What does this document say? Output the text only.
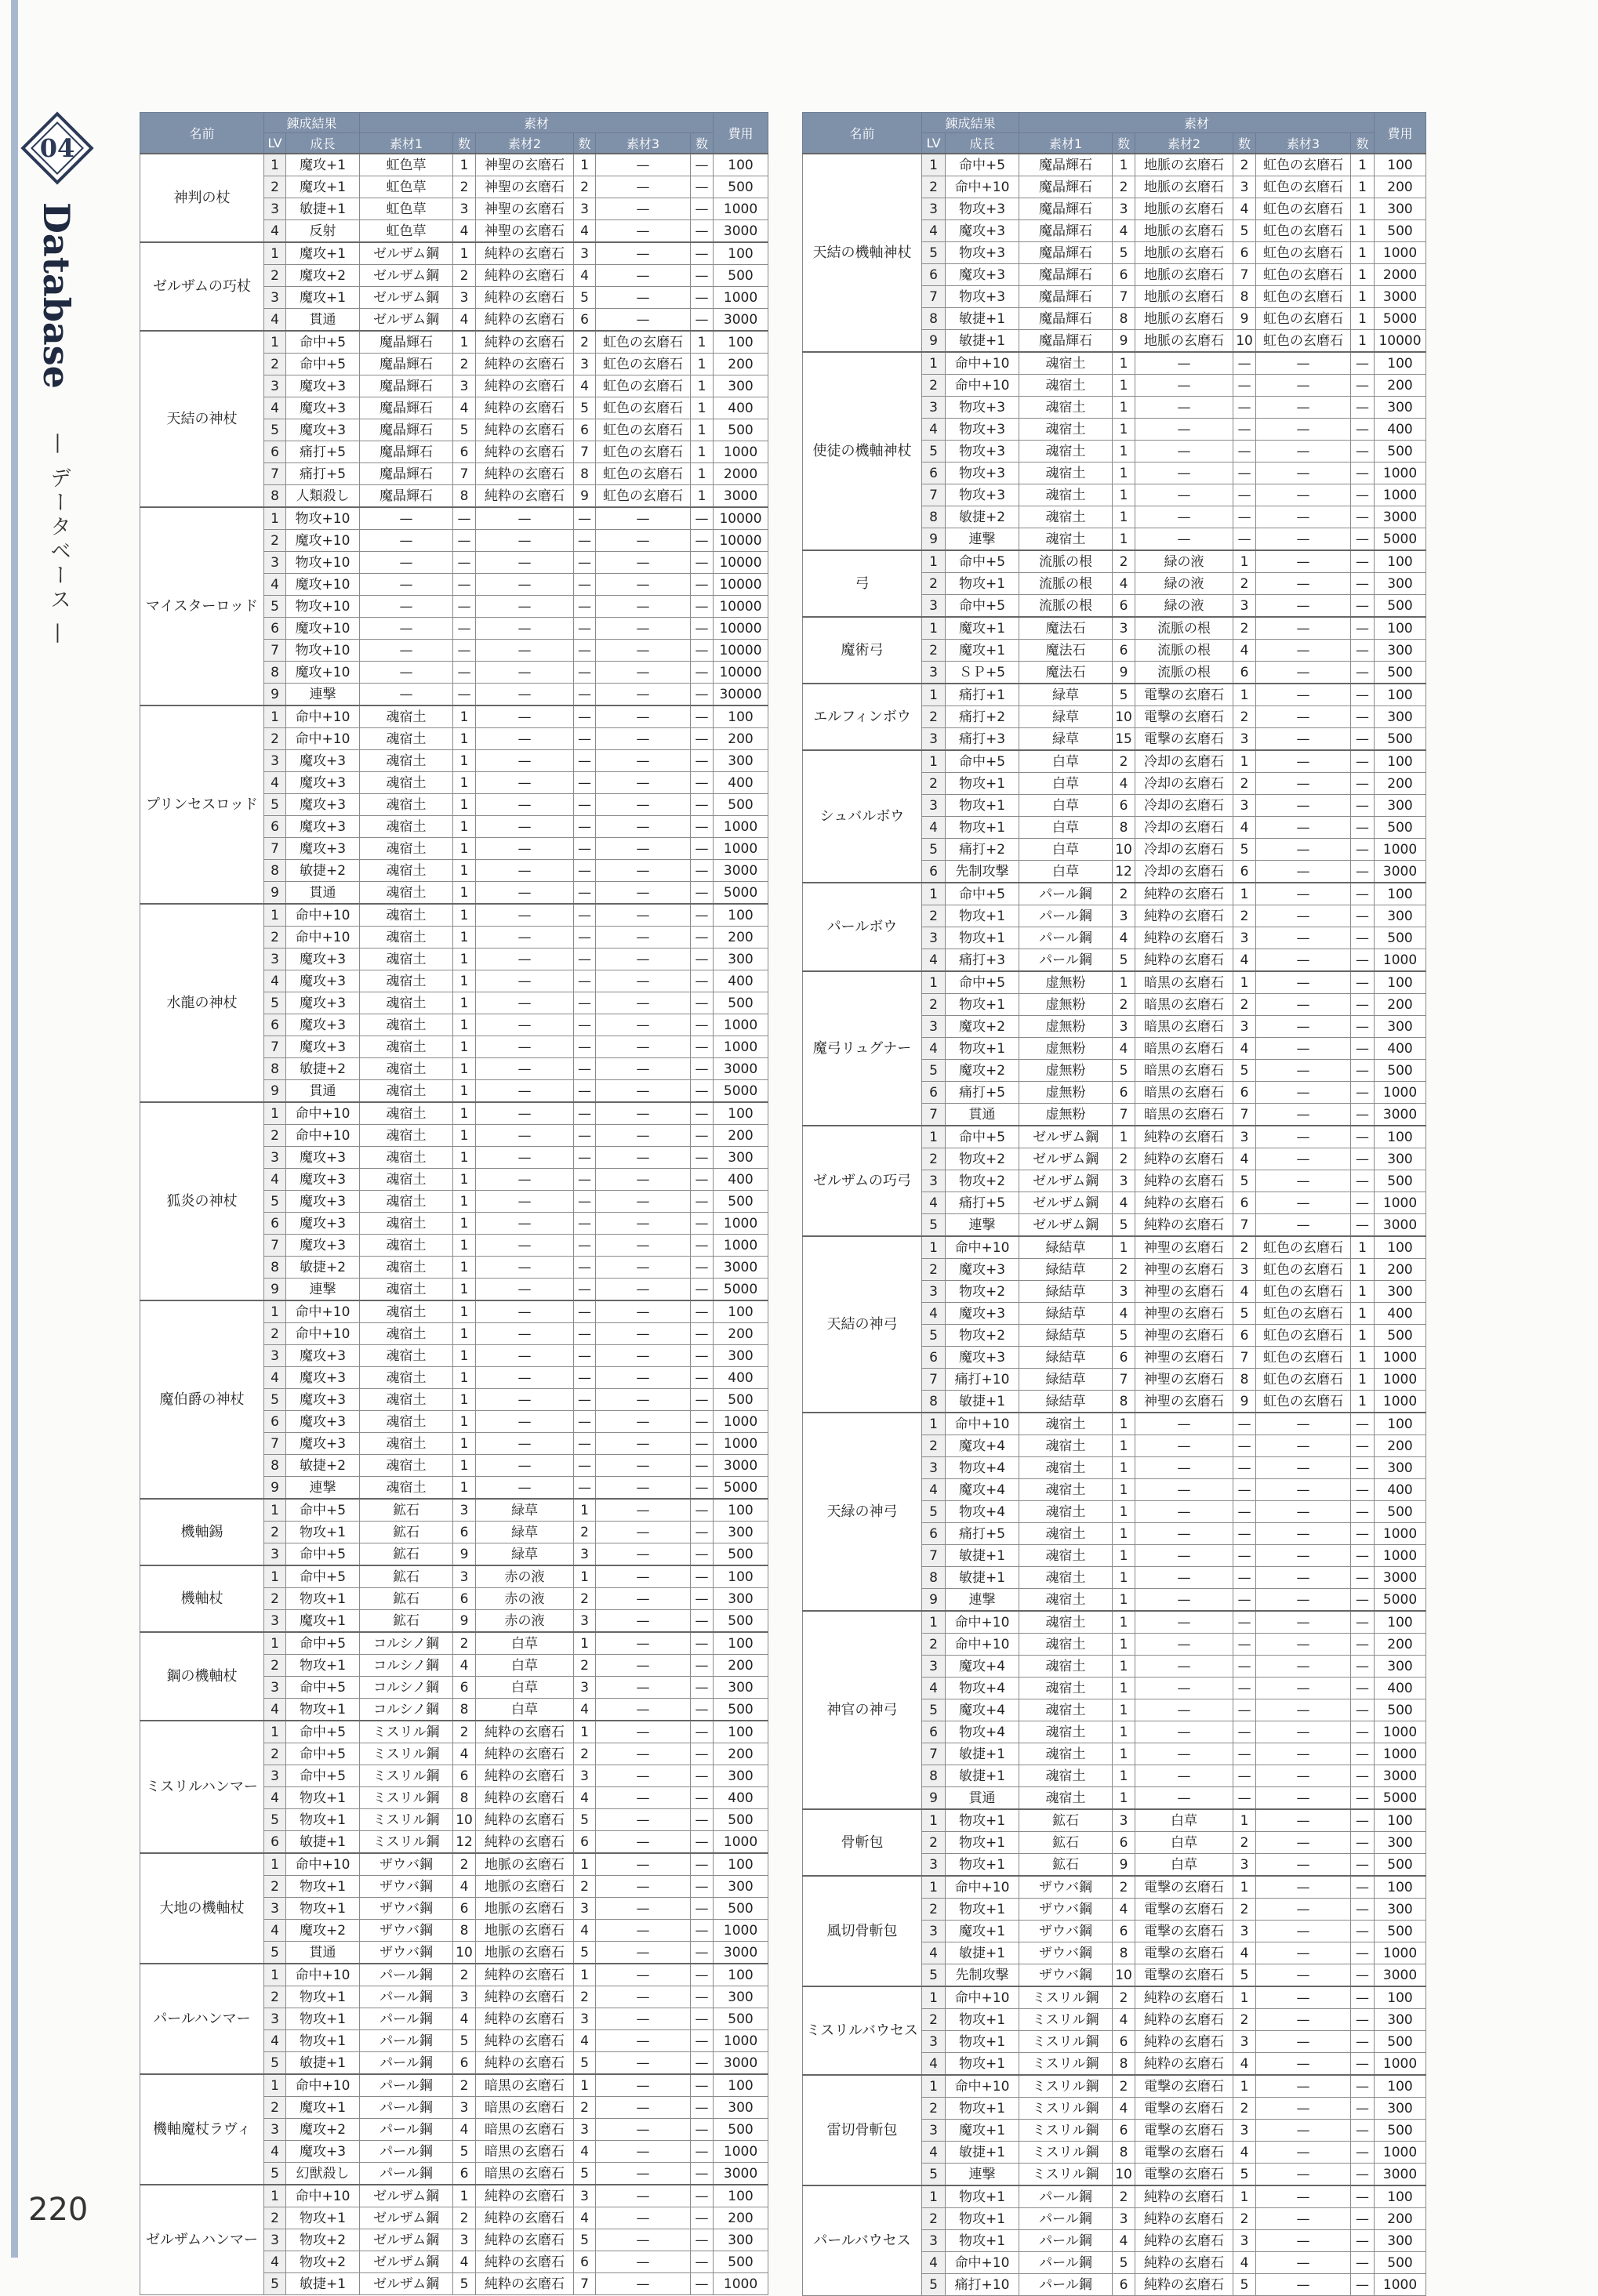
04
Database
— データベース —
名前	錬成結果		素材						費用
	LV	成長	素材1	数	素材2	数	素材3	数	
神判の杖	1	魔攻+1	虹色草	1	神聖の玄磨石	1	—	—	100
	2	魔攻+1	虹色草	2	神聖の玄磨石	2	—	—	500
	3	敏捷+1	虹色草	3	神聖の玄磨石	3	—	—	1000
	4	反射	虹色草	4	神聖の玄磨石	4	—	—	3000
ゼルザムの巧杖	1	魔攻+1	ゼルザム鋼	1	純粋の玄磨石	3	—	—	100
	2	魔攻+2	ゼルザム鋼	2	純粋の玄磨石	4	—	—	500
	3	魔攻+1	ゼルザム鋼	3	純粋の玄磨石	5	—	—	1000
	4	貫通	ゼルザム鋼	4	純粋の玄磨石	6	—	—	3000
天結の神杖	1	命中+5	魔晶輝石	1	純粋の玄磨石	2	虹色の玄磨石	1	100
	2	命中+5	魔晶輝石	2	純粋の玄磨石	3	虹色の玄磨石	1	200
	3	魔攻+3	魔晶輝石	3	純粋の玄磨石	4	虹色の玄磨石	1	300
	4	魔攻+3	魔晶輝石	4	純粋の玄磨石	5	虹色の玄磨石	1	400
	5	魔攻+3	魔晶輝石	5	純粋の玄磨石	6	虹色の玄磨石	1	500
	6	痛打+5	魔晶輝石	6	純粋の玄磨石	7	虹色の玄磨石	1	1000
	7	痛打+5	魔晶輝石	7	純粋の玄磨石	8	虹色の玄磨石	1	2000
	8	人類殺し	魔晶輝石	8	純粋の玄磨石	9	虹色の玄磨石	1	3000
マイスターロッド	1	物攻+10	—	—	—	—	—	—	10000
	2	魔攻+10	—	—	—	—	—	—	10000
	3	物攻+10	—	—	—	—	—	—	10000
	4	魔攻+10	—	—	—	—	—	—	10000
	5	物攻+10	—	—	—	—	—	—	10000
	6	魔攻+10	—	—	—	—	—	—	10000
	7	物攻+10	—	—	—	—	—	—	10000
	8	魔攻+10	—	—	—	—	—	—	10000
	9	連撃	—	—	—	—	—	—	30000
プリンセスロッド	1	命中+10	魂宿土	1	—	—	—	—	100
	2	命中+10	魂宿土	1	—	—	—	—	200
	3	魔攻+3	魂宿土	1	—	—	—	—	300
	4	魔攻+3	魂宿土	1	—	—	—	—	400
	5	魔攻+3	魂宿土	1	—	—	—	—	500
	6	魔攻+3	魂宿土	1	—	—	—	—	1000
	7	魔攻+3	魂宿土	1	—	—	—	—	1000
	8	敏捷+2	魂宿土	1	—	—	—	—	3000
	9	貫通	魂宿土	1	—	—	—	—	5000
水龍の神杖	1	命中+10	魂宿土	1	—	—	—	—	100
	2	命中+10	魂宿土	1	—	—	—	—	200
	3	魔攻+3	魂宿土	1	—	—	—	—	300
	4	魔攻+3	魂宿土	1	—	—	—	—	400
	5	魔攻+3	魂宿土	1	—	—	—	—	500
	6	魔攻+3	魂宿土	1	—	—	—	—	1000
	7	魔攻+3	魂宿土	1	—	—	—	—	1000
	8	敏捷+2	魂宿土	1	—	—	—	—	3000
	9	貫通	魂宿土	1	—	—	—	—	5000
狐炎の神杖	1	命中+10	魂宿土	1	—	—	—	—	100
	2	命中+10	魂宿土	1	—	—	—	—	200
	3	魔攻+3	魂宿土	1	—	—	—	—	300
	4	魔攻+3	魂宿土	1	—	—	—	—	400
	5	魔攻+3	魂宿土	1	—	—	—	—	500
	6	魔攻+3	魂宿土	1	—	—	—	—	1000
	7	魔攻+3	魂宿土	1	—	—	—	—	1000
	8	敏捷+2	魂宿土	1	—	—	—	—	3000
	9	連撃	魂宿土	1	—	—	—	—	5000
魔伯爵の神杖	1	命中+10	魂宿土	1	—	—	—	—	100
	2	命中+10	魂宿土	1	—	—	—	—	200
	3	魔攻+3	魂宿土	1	—	—	—	—	300
	4	魔攻+3	魂宿土	1	—	—	—	—	400
	5	魔攻+3	魂宿土	1	—	—	—	—	500
	6	魔攻+3	魂宿土	1	—	—	—	—	1000
	7	魔攻+3	魂宿土	1	—	—	—	—	1000
	8	敏捷+2	魂宿土	1	—	—	—	—	3000
	9	連撃	魂宿土	1	—	—	—	—	5000
機軸錫	1	命中+5	鉱石	3	緑草	1	—	—	100
	2	物攻+1	鉱石	6	緑草	2	—	—	300
	3	命中+5	鉱石	9	緑草	3	—	—	500
機軸杖	1	命中+5	鉱石	3	赤の液	1	—	—	100
	2	物攻+1	鉱石	6	赤の液	2	—	—	300
	3	魔攻+1	鉱石	9	赤の液	3	—	—	500
鋼の機軸杖	1	命中+5	コルシノ鋼	2	白草	1	—	—	100
	2	物攻+1	コルシノ鋼	4	白草	2	—	—	200
	3	命中+5	コルシノ鋼	6	白草	3	—	—	300
	4	物攻+1	コルシノ鋼	8	白草	4	—	—	500
ミスリルハンマー	1	命中+5	ミスリル鋼	2	純粋の玄磨石	1	—	—	100
	2	命中+5	ミスリル鋼	4	純粋の玄磨石	2	—	—	200
	3	命中+5	ミスリル鋼	6	純粋の玄磨石	3	—	—	300
	4	物攻+1	ミスリル鋼	8	純粋の玄磨石	4	—	—	400
	5	物攻+1	ミスリル鋼	10	純粋の玄磨石	5	—	—	500
	6	敏捷+1	ミスリル鋼	12	純粋の玄磨石	6	—	—	1000
大地の機軸杖	1	命中+10	ザウバ鋼	2	地脈の玄磨石	1	—	—	100
	2	物攻+1	ザウバ鋼	4	地脈の玄磨石	2	—	—	300
	3	物攻+1	ザウバ鋼	6	地脈の玄磨石	3	—	—	500
	4	魔攻+2	ザウバ鋼	8	地脈の玄磨石	4	—	—	1000
	5	貫通	ザウバ鋼	10	地脈の玄磨石	5	—	—	3000
パールハンマー	1	命中+10	パール鋼	2	純粋の玄磨石	1	—	—	100
	2	物攻+1	パール鋼	3	純粋の玄磨石	2	—	—	300
	3	物攻+1	パール鋼	4	純粋の玄磨石	3	—	—	500
	4	物攻+1	パール鋼	5	純粋の玄磨石	4	—	—	1000
	5	敏捷+1	パール鋼	6	純粋の玄磨石	5	—	—	3000
機軸魔杖ラヴィ	1	命中+10	パール鋼	2	暗黒の玄磨石	1	—	—	100
	2	魔攻+1	パール鋼	3	暗黒の玄磨石	2	—	—	300
	3	魔攻+2	パール鋼	4	暗黒の玄磨石	3	—	—	500
	4	魔攻+3	パール鋼	5	暗黒の玄磨石	4	—	—	1000
	5	幻獣殺し	パール鋼	6	暗黒の玄磨石	5	—	—	3000
ゼルザムハンマー	1	命中+10	ゼルザム鋼	1	純粋の玄磨石	3	—	—	100
	2	物攻+1	ゼルザム鋼	2	純粋の玄磨石	4	—	—	200
	3	物攻+2	ゼルザム鋼	3	純粋の玄磨石	5	—	—	300
	4	物攻+2	ゼルザム鋼	4	純粋の玄磨石	6	—	—	500
	5	敏捷+1	ゼルザム鋼	5	純粋の玄磨石	7	—	—	1000
名前	錬成結果		素材						費用
	LV	成長	素材1	数	素材2	数	素材3	数	
天結の機軸神杖	1	命中+5	魔晶輝石	1	地脈の玄磨石	2	虹色の玄磨石	1	100
	2	命中+10	魔晶輝石	2	地脈の玄磨石	3	虹色の玄磨石	1	200
	3	物攻+3	魔晶輝石	3	地脈の玄磨石	4	虹色の玄磨石	1	300
	4	魔攻+3	魔晶輝石	4	地脈の玄磨石	5	虹色の玄磨石	1	500
	5	物攻+3	魔晶輝石	5	地脈の玄磨石	6	虹色の玄磨石	1	1000
	6	魔攻+3	魔晶輝石	6	地脈の玄磨石	7	虹色の玄磨石	1	2000
	7	物攻+3	魔晶輝石	7	地脈の玄磨石	8	虹色の玄磨石	1	3000
	8	敏捷+1	魔晶輝石	8	地脈の玄磨石	9	虹色の玄磨石	1	5000
	9	敏捷+1	魔晶輝石	9	地脈の玄磨石	10	虹色の玄磨石	1	10000
使徒の機軸神杖	1	命中+10	魂宿土	1	—	—	—	—	100
	2	命中+10	魂宿土	1	—	—	—	—	200
	3	物攻+3	魂宿土	1	—	—	—	—	300
	4	物攻+3	魂宿土	1	—	—	—	—	400
	5	物攻+3	魂宿土	1	—	—	—	—	500
	6	物攻+3	魂宿土	1	—	—	—	—	1000
	7	物攻+3	魂宿土	1	—	—	—	—	1000
	8	敏捷+2	魂宿土	1	—	—	—	—	3000
	9	連撃	魂宿土	1	—	—	—	—	5000
弓	1	命中+5	流脈の根	2	緑の液	1	—	—	100
	2	物攻+1	流脈の根	4	緑の液	2	—	—	300
	3	命中+5	流脈の根	6	緑の液	3	—	—	500
魔術弓	1	魔攻+1	魔法石	3	流脈の根	2	—	—	100
	2	魔攻+1	魔法石	6	流脈の根	4	—	—	300
	3	ＳＰ+5	魔法石	9	流脈の根	6	—	—	500
エルフィンボウ	1	痛打+1	緑草	5	電撃の玄磨石	1	—	—	100
	2	痛打+2	緑草	10	電撃の玄磨石	2	—	—	300
	3	痛打+3	緑草	15	電撃の玄磨石	3	—	—	500
シュバルボウ	1	命中+5	白草	2	冷却の玄磨石	1	—	—	100
	2	物攻+1	白草	4	冷却の玄磨石	2	—	—	200
	3	物攻+1	白草	6	冷却の玄磨石	3	—	—	300
	4	物攻+1	白草	8	冷却の玄磨石	4	—	—	500
	5	痛打+2	白草	10	冷却の玄磨石	5	—	—	1000
	6	先制攻撃	白草	12	冷却の玄磨石	6	—	—	3000
パールボウ	1	命中+5	パール鋼	2	純粋の玄磨石	1	—	—	100
	2	物攻+1	パール鋼	3	純粋の玄磨石	2	—	—	300
	3	物攻+1	パール鋼	4	純粋の玄磨石	3	—	—	500
	4	痛打+3	パール鋼	5	純粋の玄磨石	4	—	—	1000
魔弓リュグナー	1	命中+5	虚無粉	1	暗黒の玄磨石	1	—	—	100
	2	物攻+1	虚無粉	2	暗黒の玄磨石	2	—	—	200
	3	魔攻+2	虚無粉	3	暗黒の玄磨石	3	—	—	300
	4	物攻+1	虚無粉	4	暗黒の玄磨石	4	—	—	400
	5	魔攻+2	虚無粉	5	暗黒の玄磨石	5	—	—	500
	6	痛打+5	虚無粉	6	暗黒の玄磨石	6	—	—	1000
	7	貫通	虚無粉	7	暗黒の玄磨石	7	—	—	3000
ゼルザムの巧弓	1	命中+5	ゼルザム鋼	1	純粋の玄磨石	3	—	—	100
	2	物攻+2	ゼルザム鋼	2	純粋の玄磨石	4	—	—	300
	3	物攻+2	ゼルザム鋼	3	純粋の玄磨石	5	—	—	500
	4	痛打+5	ゼルザム鋼	4	純粋の玄磨石	6	—	—	1000
	5	連撃	ゼルザム鋼	5	純粋の玄磨石	7	—	—	3000
天結の神弓	1	命中+10	緑結草	1	神聖の玄磨石	2	虹色の玄磨石	1	100
	2	魔攻+3	緑結草	2	神聖の玄磨石	3	虹色の玄磨石	1	200
	3	物攻+2	緑結草	3	神聖の玄磨石	4	虹色の玄磨石	1	300
	4	魔攻+3	緑結草	4	神聖の玄磨石	5	虹色の玄磨石	1	400
	5	物攻+2	緑結草	5	神聖の玄磨石	6	虹色の玄磨石	1	500
	6	魔攻+3	緑結草	6	神聖の玄磨石	7	虹色の玄磨石	1	1000
	7	痛打+10	緑結草	7	神聖の玄磨石	8	虹色の玄磨石	1	1000
	8	敏捷+1	緑結草	8	神聖の玄磨石	9	虹色の玄磨石	1	1000
天緑の神弓	1	命中+10	魂宿土	1	—	—	—	—	100
	2	魔攻+4	魂宿土	1	—	—	—	—	200
	3	物攻+4	魂宿土	1	—	—	—	—	300
	4	魔攻+4	魂宿土	1	—	—	—	—	400
	5	物攻+4	魂宿土	1	—	—	—	—	500
	6	痛打+5	魂宿土	1	—	—	—	—	1000
	7	敏捷+1	魂宿土	1	—	—	—	—	1000
	8	敏捷+1	魂宿土	1	—	—	—	—	3000
	9	連撃	魂宿土	1	—	—	—	—	5000
神官の神弓	1	命中+10	魂宿土	1	—	—	—	—	100
	2	命中+10	魂宿土	1	—	—	—	—	200
	3	魔攻+4	魂宿土	1	—	—	—	—	300
	4	物攻+4	魂宿土	1	—	—	—	—	400
	5	魔攻+4	魂宿土	1	—	—	—	—	500
	6	物攻+4	魂宿土	1	—	—	—	—	1000
	7	敏捷+1	魂宿土	1	—	—	—	—	1000
	8	敏捷+1	魂宿土	1	—	—	—	—	3000
	9	貫通	魂宿土	1	—	—	—	—	5000
骨斬包	1	物攻+1	鉱石	3	白草	1	—	—	100
	2	物攻+1	鉱石	6	白草	2	—	—	300
	3	物攻+1	鉱石	9	白草	3	—	—	500
風切骨斬包	1	命中+10	ザウバ鋼	2	電撃の玄磨石	1	—	—	100
	2	物攻+1	ザウバ鋼	4	電撃の玄磨石	2	—	—	300
	3	魔攻+1	ザウバ鋼	6	電撃の玄磨石	3	—	—	500
	4	敏捷+1	ザウバ鋼	8	電撃の玄磨石	4	—	—	1000
	5	先制攻撃	ザウバ鋼	10	電撃の玄磨石	5	—	—	3000
ミスリルバウセス	1	命中+10	ミスリル鋼	2	純粋の玄磨石	1	—	—	100
	2	物攻+1	ミスリル鋼	4	純粋の玄磨石	2	—	—	300
	3	物攻+1	ミスリル鋼	6	純粋の玄磨石	3	—	—	500
	4	物攻+1	ミスリル鋼	8	純粋の玄磨石	4	—	—	1000
雷切骨斬包	1	命中+10	ミスリル鋼	2	電撃の玄磨石	1	—	—	100
	2	物攻+1	ミスリル鋼	4	電撃の玄磨石	2	—	—	300
	3	魔攻+1	ミスリル鋼	6	電撃の玄磨石	3	—	—	500
	4	敏捷+1	ミスリル鋼	8	電撃の玄磨石	4	—	—	1000
	5	連撃	ミスリル鋼	10	電撃の玄磨石	5	—	—	3000
パールバウセス	1	物攻+1	パール鋼	2	純粋の玄磨石	1	—	—	100
	2	物攻+1	パール鋼	3	純粋の玄磨石	2	—	—	200
	3	物攻+1	パール鋼	4	純粋の玄磨石	3	—	—	300
	4	命中+10	パール鋼	5	純粋の玄磨石	4	—	—	500
	5	痛打+10	パール鋼	6	純粋の玄磨石	5	—	—	1000
220
